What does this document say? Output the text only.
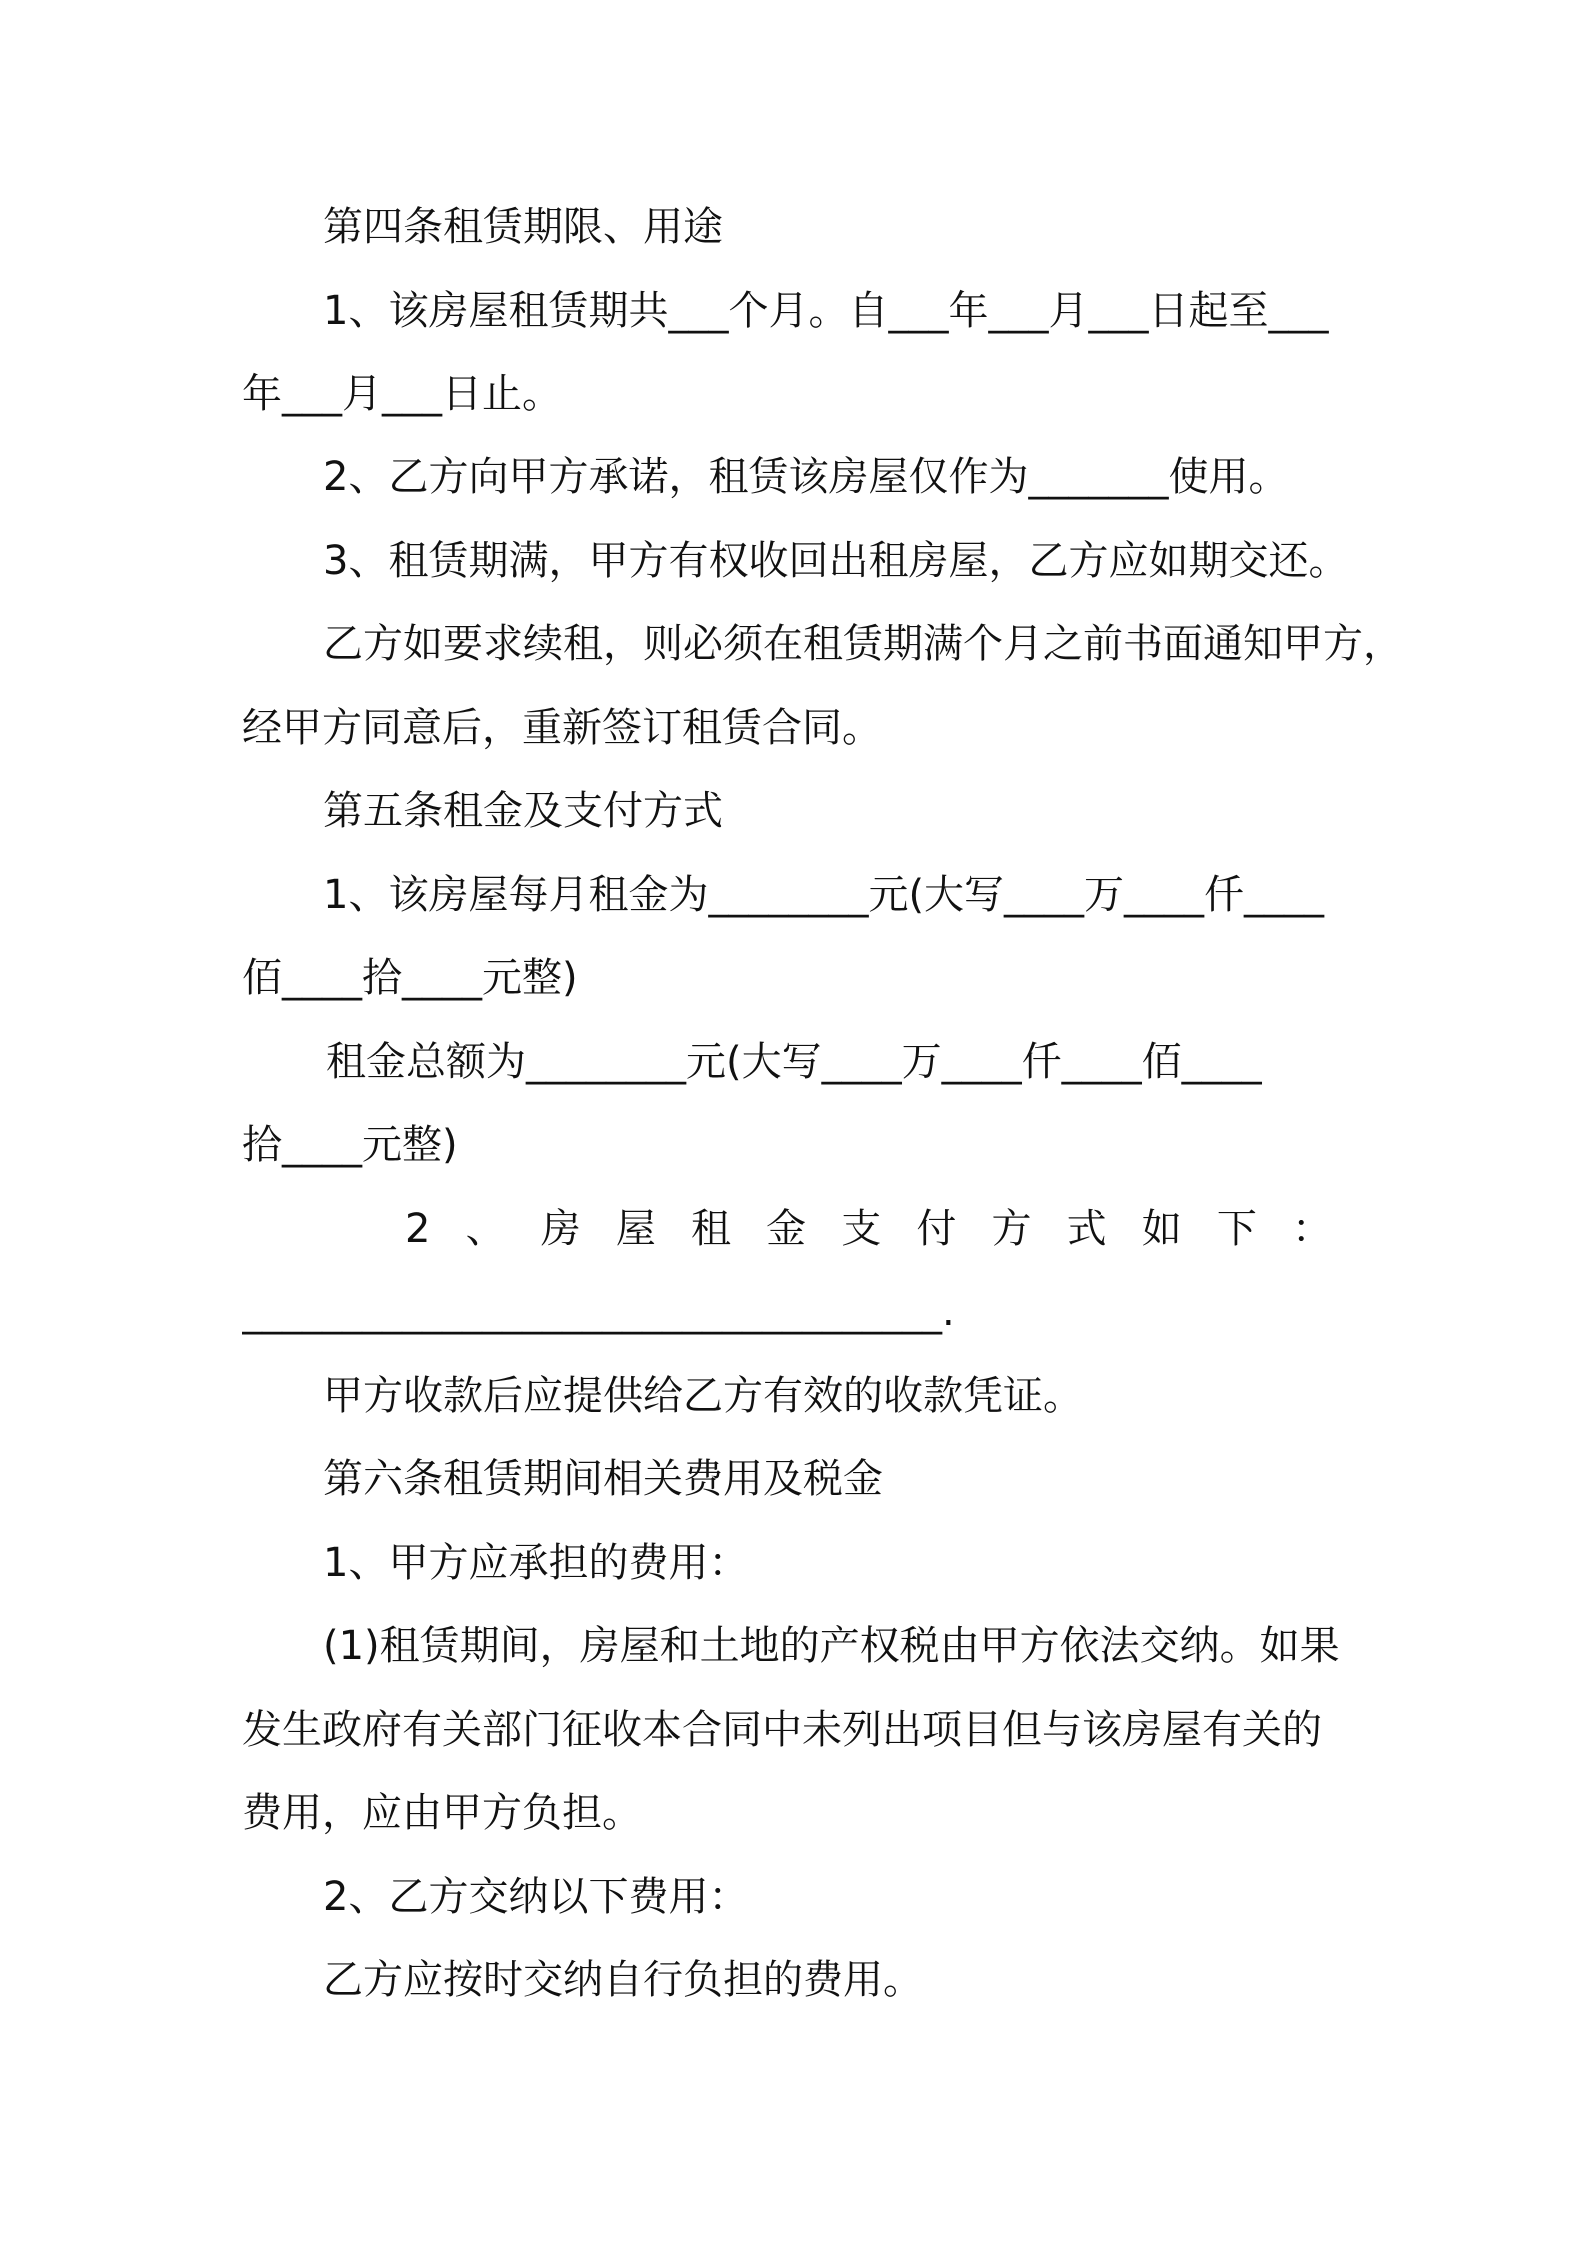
第四条租赁期限、用途
1、该房屋租赁期共___个月。自___年___月___日起至___
年___月___日止。
2、乙方向甲方承诺，租赁该房屋仅作为_______使用。
3、租赁期满，甲方有权收回出租房屋，乙方应如期交还。
乙方如要求续租，则必须在租赁期满个月之前书面通知甲方，
经甲方同意后，重新签订租赁合同。
第五条租金及支付方式
1、该房屋每月租金为________元(大写____万____仟____
佰____拾____元整)
租金总额为________元(大写____万____仟____佰____
拾____元整)
2、房屋租金支付方式如下：
___________________________________.
甲方收款后应提供给乙方有效的收款凭证。
第六条租赁期间相关费用及税金
1、甲方应承担的费用：
(1)租赁期间，房屋和土地的产权税由甲方依法交纳。如果
发生政府有关部门征收本合同中未列出项目但与该房屋有关的
费用，应由甲方负担。
2、乙方交纳以下费用：
乙方应按时交纳自行负担的费用。
